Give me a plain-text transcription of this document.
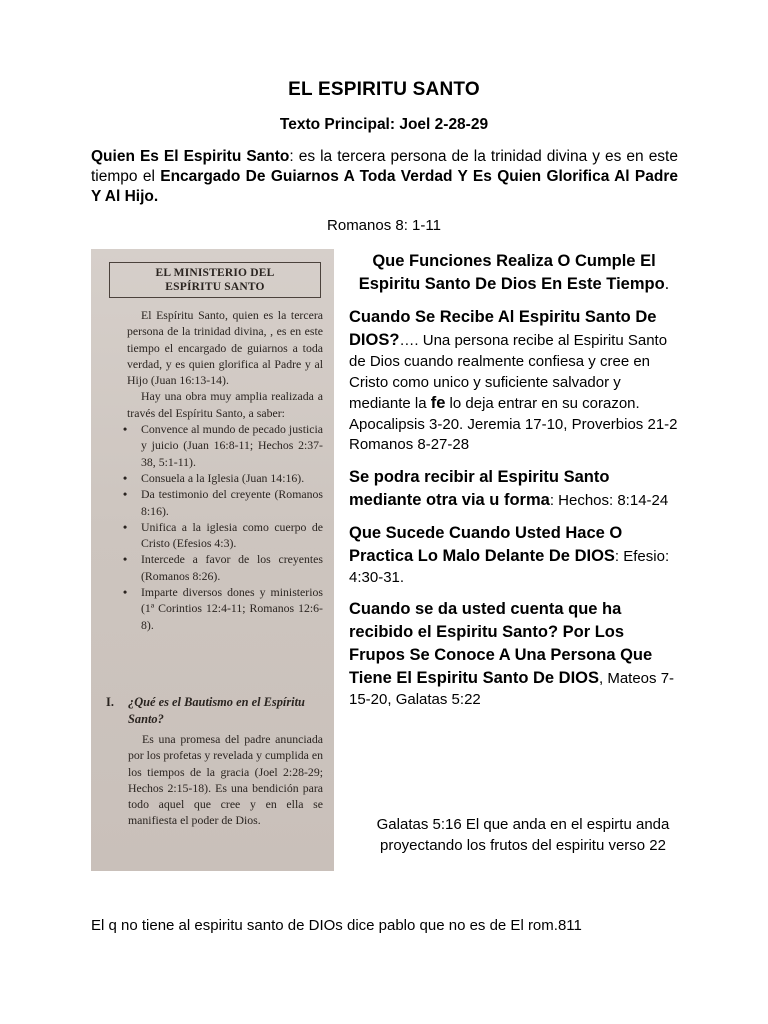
EL ESPIRITU SANTO
Texto Principal: Joel 2-28-29
Quien Es El Espiritu Santo: es la tercera persona de la trinidad divina y es en este tiempo el Encargado De Guiarnos A Toda Verdad Y Es Quien Glorifica Al Padre Y Al Hijo.
Romanos 8: 1-11
EL MINISTERIO DEL
ESPÍRITU SANTO

El Espíritu Santo, quien es la tercera persona de la trinidad divina, , es en este tiempo el encargado de guiarnos a toda verdad, y es quien glorifica al Padre y al Hijo (Juan 16:13-14).

Hay una obra muy amplia realizada a través del Espíritu Santo, a saber:

• Convence al mundo de pecado justicia y juicio (Juan 16:8-11; Hechos 2:37-38, 5:1-11).
• Consuela a la Iglesia (Juan 14:16).
• Da testimonio del creyente (Romanos 8:16).
• Unifica a la iglesia como cuerpo de Cristo (Efesios 4:3).
• Intercede a favor de los creyentes (Romanos 8:26).
• Imparte diversos dones y ministerios (1ª Corintios 12:4-11; Romanos 12:6-8).
I.	¿Qué es el Bautismo en el Espíritu Santo?
Es una promesa del padre anunciada por los profetas y revelada y cumplida en los tiempos de la gracia (Joel 2:28-29; Hechos 2:15-18). Es una bendición para todo aquel que cree y en ella se manifiesta el poder de Dios.

Que Funciones Realiza O Cumple El Espiritu Santo De Dios En Este Tiempo.

Cuando Se Recibe Al Espiritu Santo De DIOS?…. Una persona recibe al Espiritu Santo de Dios cuando realmente confiesa y cree en Cristo como unico y suficiente salvador y mediante la fe lo deja entrar en su corazon. Apocalipsis 3-20. Jeremia 17-10, Proverbios 21-2 Romanos 8-27-28
Se podra recibir al Espiritu Santo mediante otra via u forma: Hechos: 8:14-24
Que Sucede Cuando Usted Hace O Practica Lo Malo Delante De DIOS: Efesio: 4:30-31.
Cuando se da usted cuenta que ha recibido el Espiritu Santo? Por Los Frupos Se Conoce A Una Persona Que Tiene El Espiritu Santo De DIOS, Mateos 7-15-20, Galatas 5:22
Galatas 5:16 El que anda en el espirtu anda proyectando los frutos del espiritu verso 22
El q no tiene al espiritu santo de DIOs dice pablo que no es de El rom.811
